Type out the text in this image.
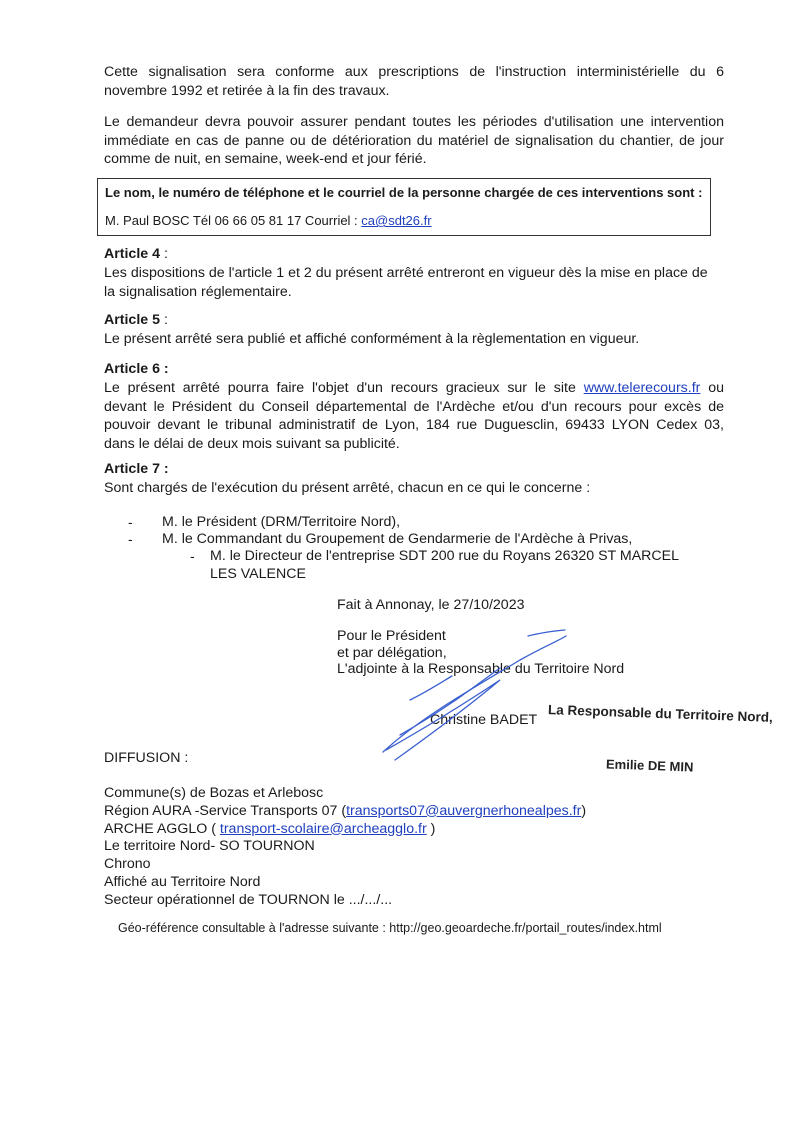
Cette signalisation sera conforme aux prescriptions de l'instruction interministérielle du 6
novembre 1992 et retirée à la fin des travaux.
Le demandeur devra pouvoir assurer pendant toutes les périodes d'utilisation une intervention
immédiate en cas de panne ou de détérioration du matériel de signalisation du chantier, de jour
comme de nuit, en semaine, week-end et jour férié.
Le nom, le numéro de téléphone et le courriel de la personne chargée de ces interventions sont :
M. Paul BOSC Tél 06 66 05 81 17 Courriel : ca@sdt26.fr
Article 4 :
Les dispositions de l'article 1 et 2 du présent arrêté entreront en vigueur dès la mise en place de
la signalisation réglementaire.
Article 5 :
Le présent arrêté sera publié et affiché conformément à la règlementation en vigueur.
Article 6 :
Le présent arrêté pourra faire l'objet d'un recours gracieux sur le site www.telerecours.fr ou
devant le Président du Conseil départemental de l'Ardèche et/ou d'un recours pour excès de
pouvoir devant le tribunal administratif de Lyon, 184 rue Duguesclin, 69433 LYON Cedex 03,
dans le délai de deux mois suivant sa publicité.
Article 7 :
Sont chargés de l'exécution du présent arrêté, chacun en ce qui le concerne :
- M. le Président (DRM/Territoire Nord),
- M. le Commandant du Groupement de Gendarmerie de l'Ardèche à Privas,
- M. le Directeur de l'entreprise SDT 200 rue du Royans 26320 ST MARCEL
LES VALENCE
Fait à Annonay, le 27/10/2023
Pour le Président
et par délégation,
L'adjointe à la Responsable du Territoire Nord
Christine BADET La Responsable du Territoire Nord,
Emilie DE MIN
DIFFUSION :
Commune(s) de Bozas et Arlebosc
Région AURA -Service Transports 07 (transports07@auvergnerhonealpes.fr)
ARCHE AGGLO ( transport-scolaire@archeagglo.fr )
Le territoire Nord- SO TOURNON
Chrono
Affiché au Territoire Nord
Secteur opérationnel de TOURNON le .../.../...
Géo-référence consultable à l'adresse suivante : http://geo.geoardeche.fr/portail_routes/index.html
